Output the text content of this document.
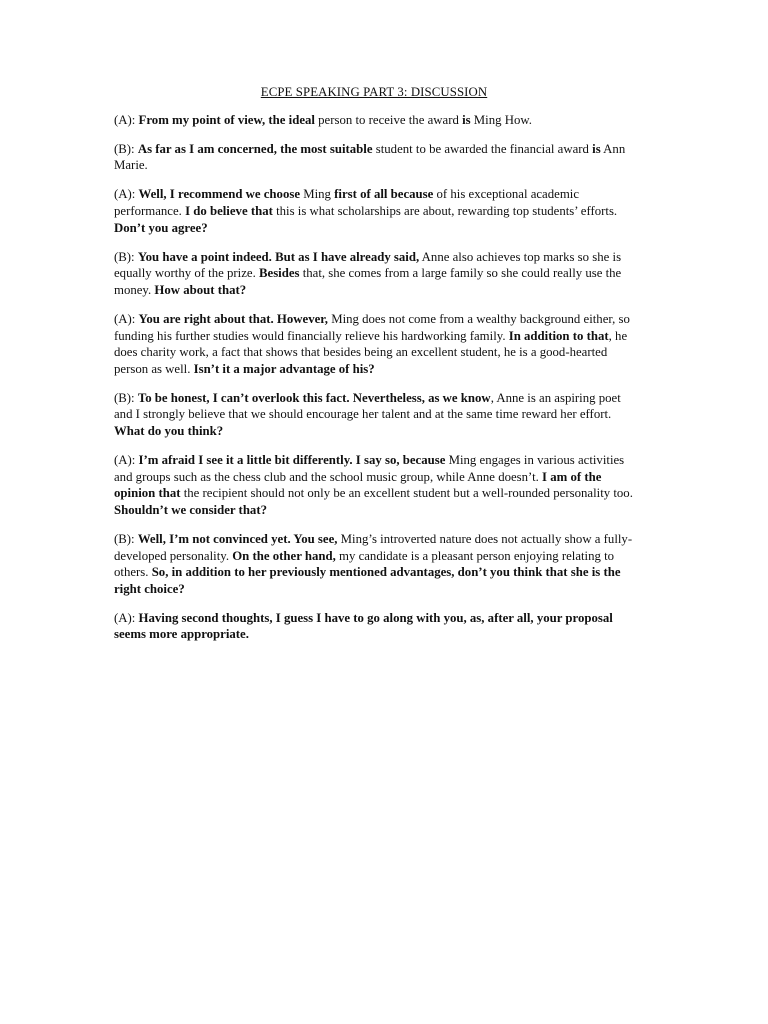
ECPE SPEAKING PART 3: DISCUSSION
(A): From my point of view, the ideal person to receive the award is Ming How.
(B): As far as I am concerned, the most suitable student to be awarded the financial award is Ann Marie.
(A): Well, I recommend we choose Ming first of all because of his exceptional academic performance. I do believe that this is what scholarships are about, rewarding top students’ efforts. Don’t you agree?
(B): You have a point indeed. But as I have already said, Anne also achieves top marks so she is equally worthy of the prize. Besides that, she comes from a large family so she could really use the money. How about that?
(A): You are right about that. However, Ming does not come from a wealthy background either, so funding his further studies would financially relieve his hardworking family. In addition to that, he does charity work, a fact that shows that besides being an excellent student, he is a good-hearted person as well. Isn’t it a major advantage of his?
(B): To be honest, I can’t overlook this fact. Nevertheless, as we know, Anne is an aspiring poet and I strongly believe that we should encourage her talent and at the same time reward her effort. What do you think?
(A): I’m afraid I see it a little bit differently. I say so, because Ming engages in various activities and groups such as the chess club and the school music group, while Anne doesn’t. I am of the opinion that the recipient should not only be an excellent student but a well-rounded personality too. Shouldn’t we consider that?
(B): Well, I’m not convinced yet. You see, Ming’s introverted nature does not actually show a fully-developed personality. On the other hand, my candidate is a pleasant person enjoying relating to others. So, in addition to her previously mentioned advantages, don’t you think that she is the right choice?
(A): Having second thoughts, I guess I have to go along with you, as, after all, your proposal seems more appropriate.
